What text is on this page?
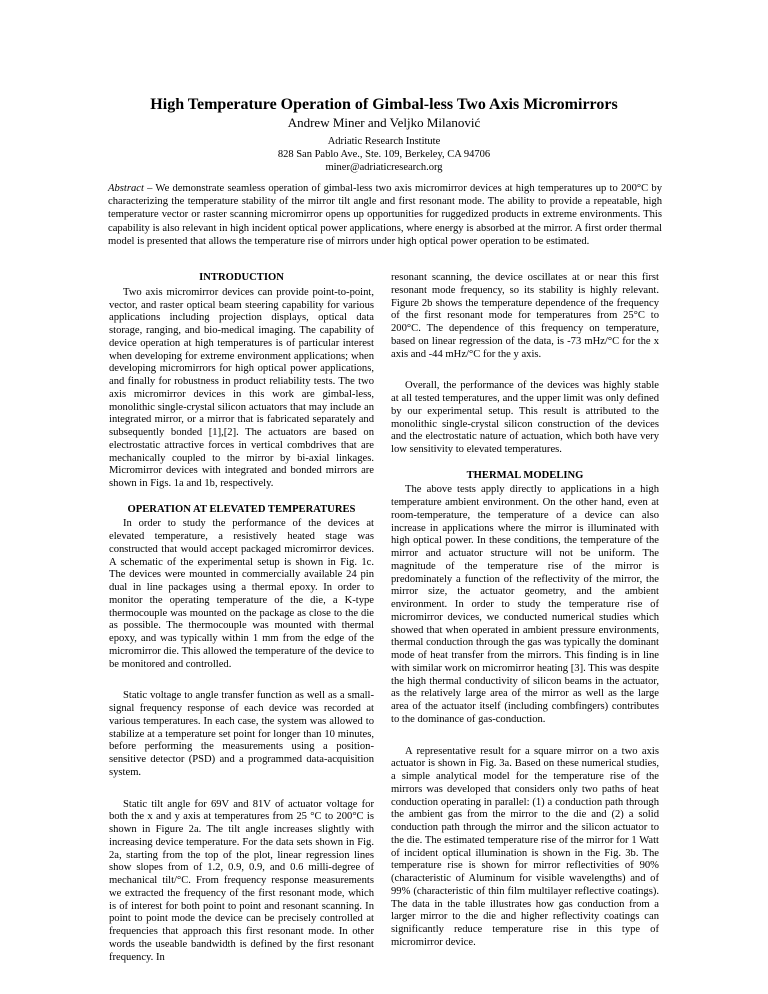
High Temperature Operation of Gimbal-less Two Axis Micromirrors
Andrew Miner and Veljko Milanović
Adriatic Research Institute
828 San Pablo Ave., Ste. 109, Berkeley, CA 94706
miner@adriaticresearch.org
Abstract – We demonstrate seamless operation of gimbal-less two axis micromirror devices at high temperatures up to 200°C by characterizing the temperature stability of the mirror tilt angle and first resonant mode. The ability to provide a repeatable, high temperature vector or raster scanning micromirror opens up opportunities for ruggedized products in extreme environments. This capability is also relevant in high incident optical power applications, where energy is absorbed at the mirror. A first order thermal model is presented that allows the temperature rise of mirrors under high optical power operation to be estimated.
INTRODUCTION

Two axis micromirror devices can provide point-to-point, vector, and raster optical beam steering capability for various applications including projection displays, optical data storage, ranging, and bio-medical imaging. The capability of device operation at high temperatures is of particular interest when developing for extreme environment applications; when developing micromirrors for high optical power applications, and finally for robustness in product reliability tests. The two axis micromirror devices in this work are gimbal-less, monolithic single-crystal silicon actuators that may include an integrated mirror, or a mirror that is fabricated separately and subsequently bonded [1],[2]. The actuators are based on electrostatic attractive forces in vertical combdrives that are mechanically coupled to the mirror by bi-axial linkages. Micromirror devices with integrated and bonded mirrors are shown in Figs. 1a and 1b, respectively.

OPERATION AT ELEVATED TEMPERATURES

In order to study the performance of the devices at elevated temperature, a resistively heated stage was constructed that would accept packaged micromirror devices. A schematic of the experimental setup is shown in Fig. 1c. The devices were mounted in commercially available 24 pin dual in line packages using a thermal epoxy. In order to monitor the operating temperature of the die, a K-type thermocouple was mounted on the package as close to the die as possible. The thermocouple was mounted with thermal epoxy, and was typically within 1 mm from the edge of the micromirror die. This allowed the temperature of the device to be monitored and controlled.

Static voltage to angle transfer function as well as a small-signal frequency response of each device was recorded at various temperatures. In each case, the system was allowed to stabilize at a temperature set point for longer than 10 minutes, before performing the measurements using a position-sensitive detector (PSD) and a programmed data-acquisition system.

Static tilt angle for 69V and 81V of actuator voltage for both the x and y axis at temperatures from 25 °C to 200°C is shown in Figure 2a. The tilt angle increases slightly with increasing device temperature. For the data sets shown in Fig. 2a, starting from the top of the plot, linear regression lines show slopes from of 1.2, 0.9, 0.9, and 0.6 milli-degree of mechanical tilt/°C. From frequency response measurements we extracted the frequency of the first resonant mode, which is of interest for both point to point and resonant scanning. In point to point mode the device can be precisely controlled at frequencies that approach this first resonant mode. In other words the useable bandwidth is defined by the first resonant frequency. In

resonant scanning, the device oscillates at or near this first resonant mode frequency, so its stability is highly relevant. Figure 2b shows the temperature dependence of the frequency of the first resonant mode for temperatures from 25°C to 200°C. The dependence of this frequency on temperature, based on linear regression of the data, is -73 mHz/°C for the x axis and -44 mHz/°C for the y axis.

Overall, the performance of the devices was highly stable at all tested temperatures, and the upper limit was only defined by our experimental setup. This result is attributed to the monolithic single-crystal silicon construction of the devices and the electrostatic nature of actuation, which both have very low sensitivity to elevated temperatures.

THERMAL MODELING

The above tests apply directly to applications in a high temperature ambient environment. On the other hand, even at room-temperature, the temperature of a device can also increase in applications where the mirror is illuminated with high optical power. In these conditions, the temperature of the mirror and actuator structure will not be uniform. The magnitude of the temperature rise of the mirror is predominately a function of the reflectivity of the mirror, the mirror size, the actuator geometry, and the ambient environment. In order to study the temperature rise of micromirror devices, we conducted numerical studies which showed that when operated in ambient pressure environments, thermal conduction through the gas was typically the dominant mode of heat transfer from the mirrors. This finding is in line with similar work on micromirror heating [3]. This was despite the high thermal conductivity of silicon beams in the actuator, as the relatively large area of the mirror as well as the large area of the actuator itself (including combfingers) contributes to the dominance of gas-conduction.

A representative result for a square mirror on a two axis actuator is shown in Fig. 3a. Based on these numerical studies, a simple analytical model for the temperature rise of the mirrors was developed that considers only two paths of heat conduction operating in parallel: (1) a conduction path through the ambient gas from the mirror to the die and (2) a solid conduction path through the mirror and the silicon actuator to the die. The estimated temperature rise of the mirror for 1 Watt of incident optical illumination is shown in the Fig. 3b. The temperature rise is shown for mirror reflectivities of 90% (characteristic of Aluminum for visible wavelengths) and of 99% (characteristic of thin film multilayer reflective coatings). The data in the table illustrates how gas conduction from a larger mirror to the die and higher reflectivity coatings can significantly reduce temperature rise in this type of micromirror device.
